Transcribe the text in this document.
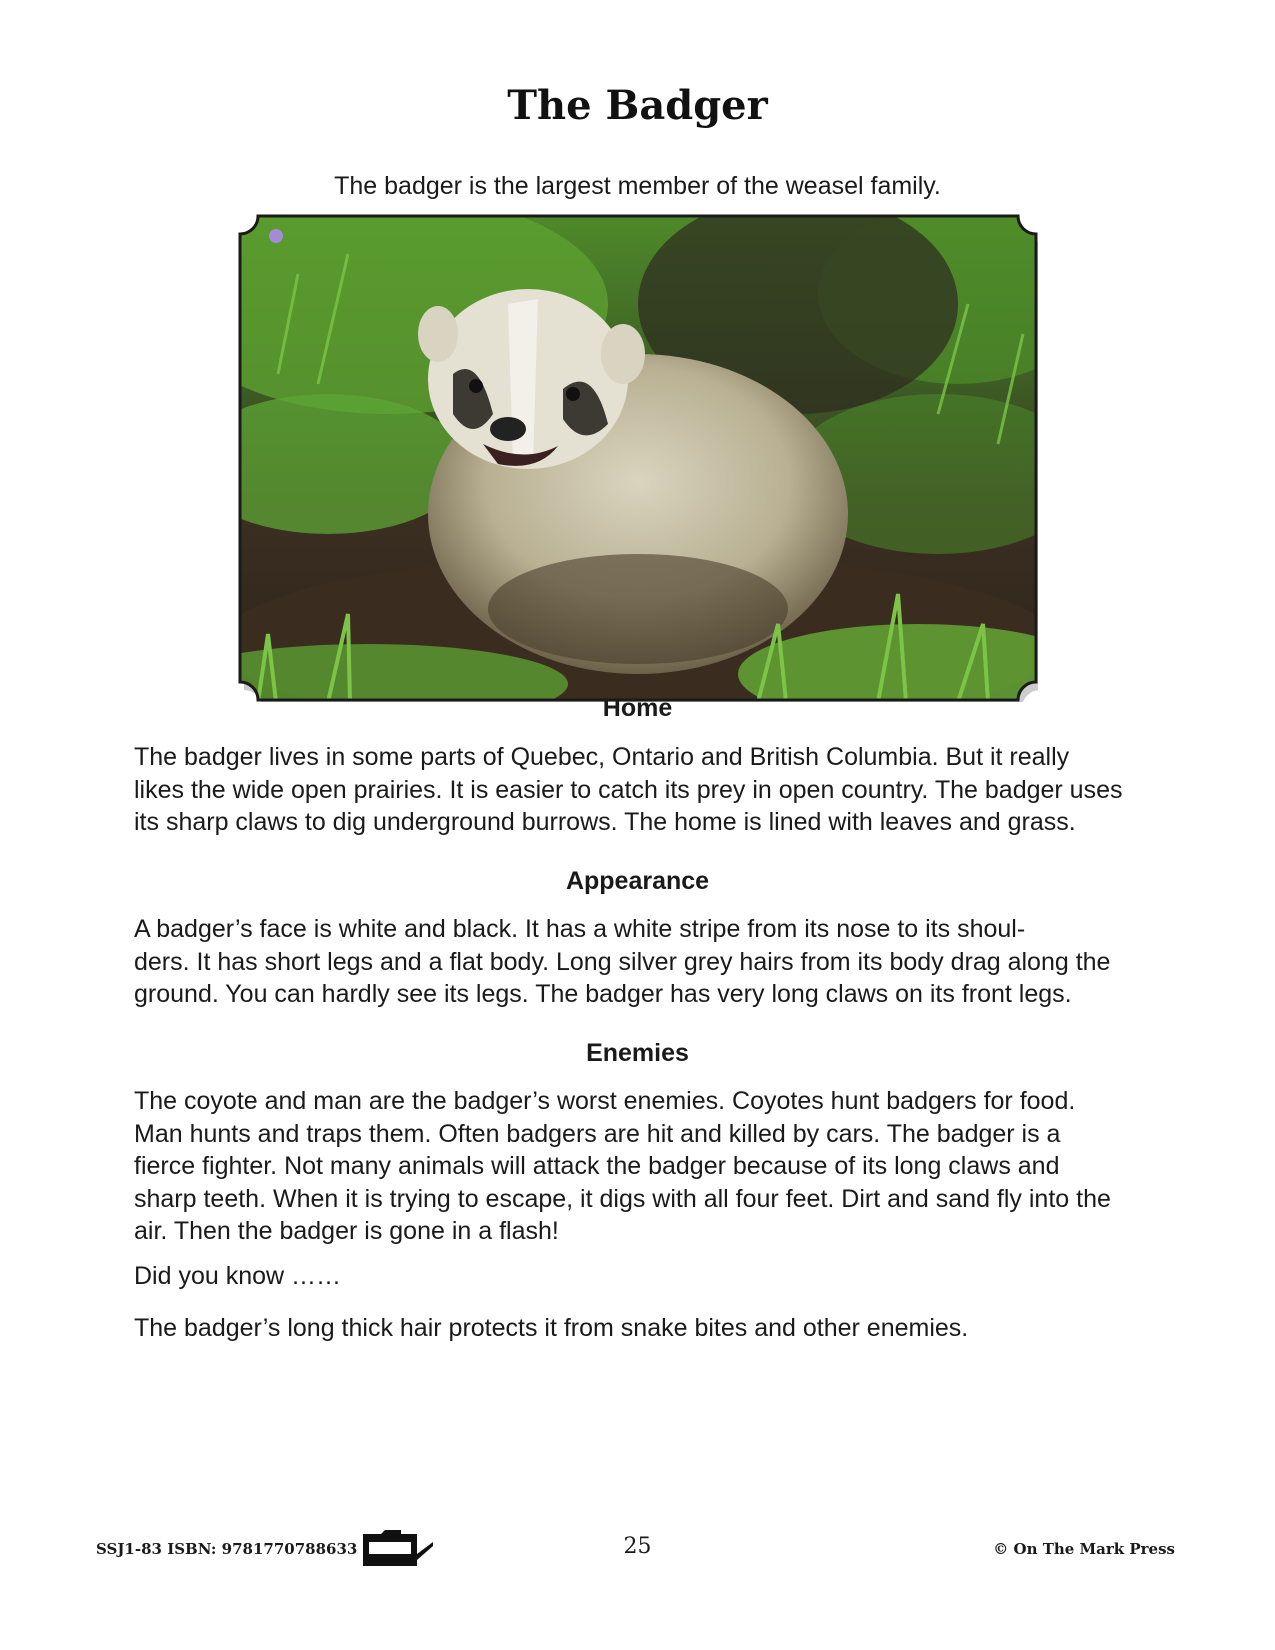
The Badger

The badger is the largest member of the weasel family.

Home

The badger lives in some parts of Quebec, Ontario and British Columbia. But it really
likes the wide open prairies. It is easier to catch its prey in open country. The badger uses
its sharp claws to dig underground burrows. The home is lined with leaves and grass.

Appearance

A badger’s face is white and black. It has a white stripe from its nose to its shoul-
ders. It has short legs and a flat body. Long silver grey hairs from its body drag along the
ground. You can hardly see its legs. The badger has very long claws on its front legs.

Enemies

The coyote and man are the badger’s worst enemies. Coyotes hunt badgers for food.
Man hunts and traps them. Often badgers are hit and killed by cars. The badger is a
fierce fighter. Not many animals will attack the badger because of its long claws and
sharp teeth. When it is trying to escape, it digs with all four feet. Dirt and sand fly into the
air. Then the badger is gone in a flash!

Did you know ……

The badger’s long thick hair protects it from snake bites and other enemies.

SSJ1-83 ISBN: 9781770788633	25	© On The Mark Press
